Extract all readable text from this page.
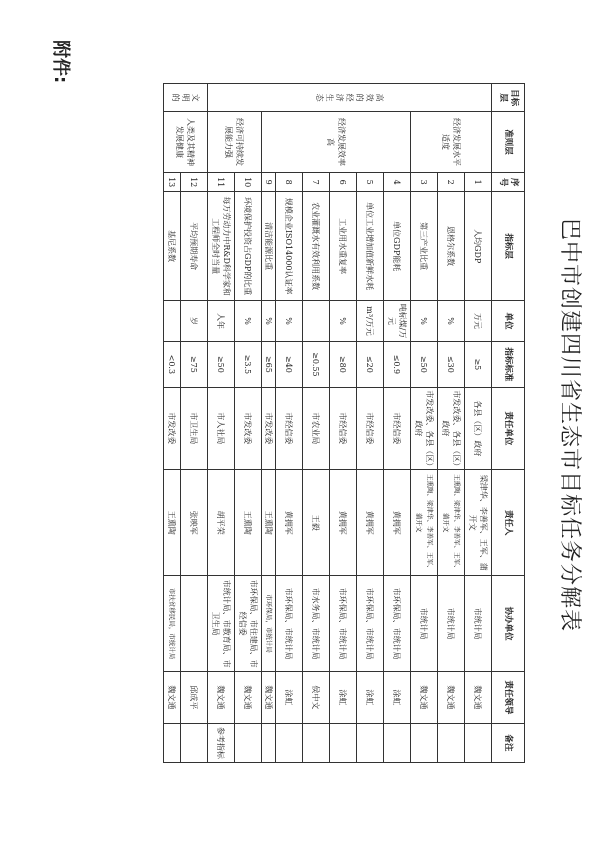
附件:
巴中市创建四川省生态市目标任务分解表
目标层	准则层	序号	指标层	单位	指标标准	责任单位	责任人	协办单位	责任领导	备注
高效的经济生态	经济发展水平适度	1	人均GDP	万元	≥5	各县（区）政府	梁津华、李善军、王军、蒲开文	市统计局	魏文通	
		2	恩格尔系数	%	≤30	市发改委、各县（区）政府	王熏陶、梁津华、李善军、王军、蒲开文	市统计局	魏文通	
		3	第三产业比重	%	≥50	市发改委、各县（区）政府	王熏陶、梁津华、李善军、王军、蒲开文	市统计局	魏文通	
	经济发展效率高	4	单位GDP能耗	吨标煤/万元	≤0.9	市经信委	黄拥军	市环保局、市统计局	涂虹	
		5	单位工业增加值新鲜水耗	m³/万元	≤20	市经信委	黄拥军	市环保局、市统计局	涂虹	
		6	工业用水重复率	%	≥80	市经信委	黄拥军	市环保局、市统计局	涂虹	
		7	农业灌溉水有效利用系数		≥0.55	市农业局	王毅	市水务局、市统计局	侯中文	
		8	规模企业ISO14000认证率	%	≥40	市经信委	黄拥军	市环保局、市统计局	涂虹	
		9	清洁能源比重	%	≥65	市发改委	王熏陶	市环保局，市统计局	魏文通	
	经济可持续发展能力强	10	环境保护投资占GDP的比重	%	≥3.5	市发改委	王熏陶	市环保局、市住建局、市经信委	魏文通	
		11	每万劳动力中R&D科学家和工程师全时当量	人年	≥50	市人社局	胡平荣	市统计局、市教育局、市卫生局	魏文通	参考指标
文明的	人类及其精神发展健康	12	平均预期寿命	岁	≥75	市卫生局	张映军		邱成平	
		13	基尼系数		<0.3	市发改委	王熏陶	市扶贫移民局，市统计局	魏文通	
